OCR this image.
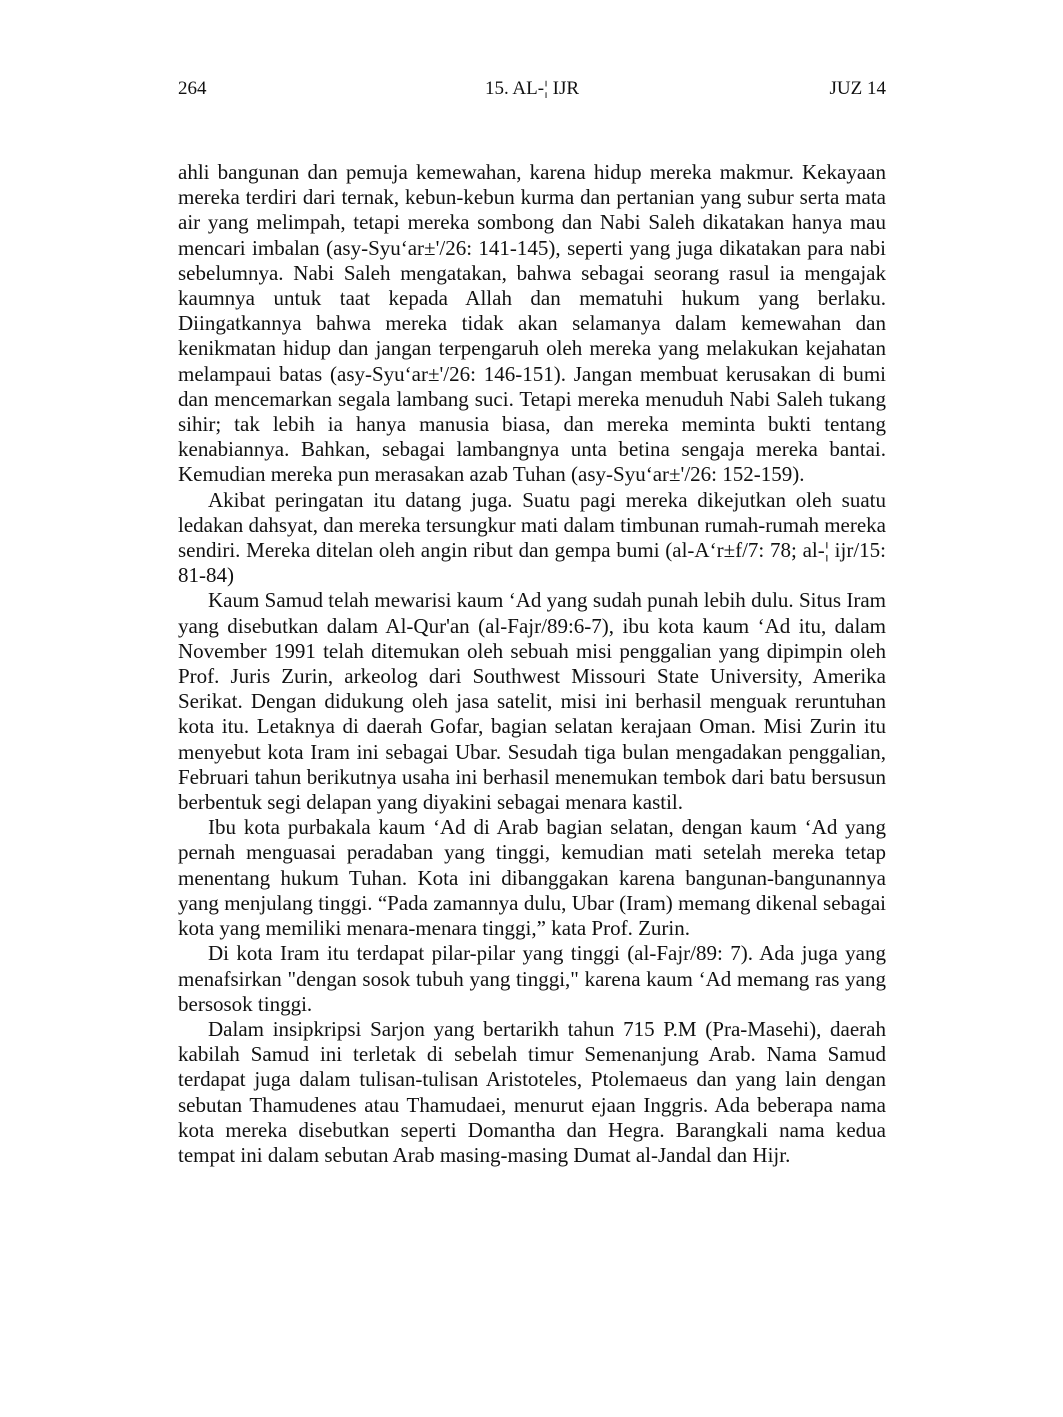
264	15. AL-¦ IJR	JUZ 14

ahli bangunan dan pemuja kemewahan, karena hidup mereka makmur. Kekayaan mereka terdiri dari ternak, kebun-kebun kurma dan pertanian yang subur serta mata air yang melimpah, tetapi mereka sombong dan Nabi Saleh dikatakan hanya mau mencari imbalan (asy-Syu‘ar±'/26: 141-145), seperti yang juga dikatakan para nabi sebelumnya. Nabi Saleh mengatakan, bahwa sebagai seorang rasul ia mengajak kaumnya untuk taat kepada Allah dan mematuhi hukum yang berlaku. Diingatkannya bahwa mereka tidak akan selamanya dalam kemewahan dan kenikmatan hidup dan jangan terpengaruh oleh mereka yang melakukan kejahatan melampaui batas (asy-Syu‘ar±'/26: 146-151). Jangan membuat kerusakan di bumi dan mencemarkan segala lambang suci. Tetapi mereka menuduh Nabi Saleh tukang sihir; tak lebih ia hanya manusia biasa, dan mereka meminta bukti tentang kenabiannya. Bahkan, sebagai lambangnya unta betina sengaja mereka bantai. Kemudian mereka pun merasakan azab Tuhan (asy-Syu‘ar±'/26: 152-159).

Akibat peringatan itu datang juga. Suatu pagi mereka dikejutkan oleh suatu ledakan dahsyat, dan mereka tersungkur mati dalam timbunan rumah-rumah mereka sendiri. Mereka ditelan oleh angin ribut dan gempa bumi (al-A‘r±f/7: 78; al-¦ ijr/15: 81-84)

Kaum Samud telah mewarisi kaum ‘Ad yang sudah punah lebih dulu. Situs Iram yang disebutkan dalam Al-Qur'an (al-Fajr/89:6-7), ibu kota kaum ‘Ad itu, dalam November 1991 telah ditemukan oleh sebuah misi penggalian yang dipimpin oleh Prof. Juris Zurin, arkeolog dari Southwest Missouri State University, Amerika Serikat. Dengan didukung oleh jasa satelit, misi ini berhasil menguak reruntuhan kota itu. Letaknya di daerah Gofar, bagian selatan kerajaan Oman. Misi Zurin itu menyebut kota Iram ini sebagai Ubar. Sesudah tiga bulan mengadakan penggalian, Februari tahun berikutnya usaha ini berhasil menemukan tembok dari batu bersusun berbentuk segi delapan yang diyakini sebagai menara kastil.

Ibu kota purbakala kaum ‘Ad di Arab bagian selatan, dengan kaum ‘Ad yang pernah menguasai peradaban yang tinggi, kemudian mati setelah mereka tetap menentang hukum Tuhan. Kota ini dibanggakan karena bangunan-bangunannya yang menjulang tinggi. “Pada zamannya dulu, Ubar (Iram) memang dikenal sebagai kota yang memiliki menara-menara tinggi,” kata Prof. Zurin.

Di kota Iram itu terdapat pilar-pilar yang tinggi (al-Fajr/89: 7). Ada juga yang menafsirkan "dengan sosok tubuh yang tinggi," karena kaum ‘Ad memang ras yang bersosok tinggi.

Dalam insipkripsi Sarjon yang bertarikh tahun 715 P.M (Pra-Masehi), daerah kabilah Samud ini terletak di sebelah timur Semenanjung Arab. Nama Samud terdapat juga dalam tulisan-tulisan Aristoteles, Ptolemaeus dan yang lain dengan sebutan Thamudenes atau Thamudaei, menurut ejaan Inggris. Ada beberapa nama kota mereka disebutkan seperti Domantha dan Hegra. Barangkali nama kedua tempat ini dalam sebutan Arab masing-masing Dumat al-Jandal dan Hijr.
